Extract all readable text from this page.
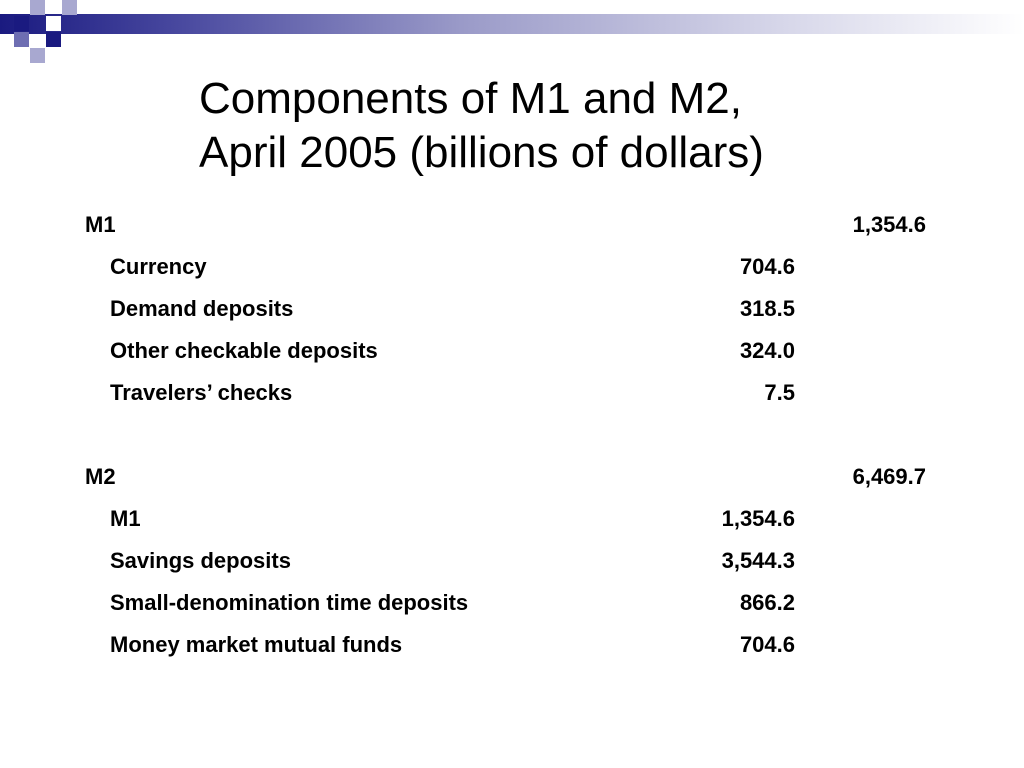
Components of M1 and M2,
April 2005 (billions of dollars)
M1	1,354.6
Currency	704.6
Demand deposits	318.5
Other checkable deposits	324.0
Travelers’ checks	7.5
M2	6,469.7
M1	1,354.6
Savings deposits	3,544.3
Small-denomination time deposits	866.2
Money market mutual funds	704.6
